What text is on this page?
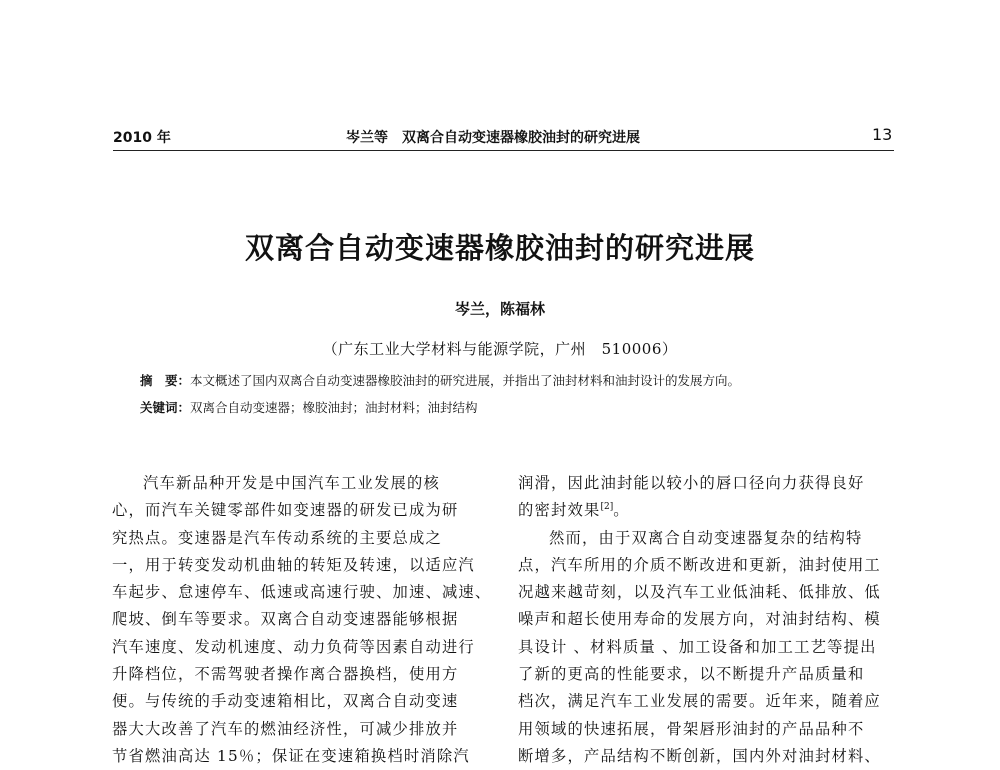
2010 年	岑兰等　双离合自动变速器橡胶油封的研究进展	13
双离合自动变速器橡胶油封的研究进展
岑兰，陈福林
（广东工业大学材料与能源学院，广州　510006）
摘　要：本文概述了国内双离合自动变速器橡胶油封的研究进展，并指出了油封材料和油封设计的发展方向。
关键词：双离合自动变速器；橡胶油封；油封材料；油封结构
汽车新品种开发是中国汽车工业发展的核
心，而汽车关键零部件如变速器的研发已成为研
究热点。变速器是汽车传动系统的主要总成之
一，用于转变发动机曲轴的转矩及转速，以适应汽
车起步、怠速停车、低速或高速行驶、加速、减速、
爬坡、倒车等要求。双离合自动变速器能够根据
汽车速度、发动机速度、动力负荷等因素自动进行
升降档位，不需驾驶者操作离合器换档，使用方
便。与传统的手动变速箱相比，双离合自动变速
器大大改善了汽车的燃油经济性，可减少排放并
节省燃油高达 15％；保证在变速箱换档时消除汽
润滑，因此油封能以较小的唇口径向力获得良好
的密封效果[2]。
然而，由于双离合自动变速器复杂的结构特
点，汽车所用的介质不断改进和更新，油封使用工
况越来越苛刻，以及汽车工业低油耗、低排放、低
噪声和超长使用寿命的发展方向，对油封结构、模
具设计 、材料质量 、加工设备和加工工艺等提出
了新的更高的性能要求，以不断提升产品质量和
档次，满足汽车工业发展的需要。近年来，随着应
用领域的快速拓展，骨架唇形油封的产品品种不
断增多，产品结构不断创新，国内外对油封材料、
